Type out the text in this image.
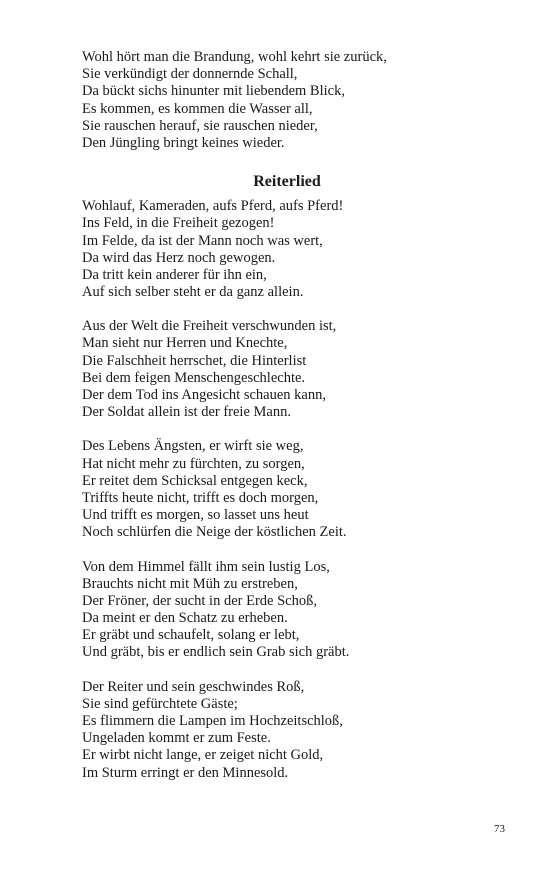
Wohl hört man die Brandung, wohl kehrt sie zurück,
Sie verkündigt der donnernde Schall,
Da bückt sichs hinunter mit liebendem Blick,
Es kommen, es kommen die Wasser all,
Sie rauschen herauf, sie rauschen nieder,
Den Jüngling bringt keines wieder.
Reiterlied
Wohlauf, Kameraden, aufs Pferd, aufs Pferd!
Ins Feld, in die Freiheit gezogen!
Im Felde, da ist der Mann noch was wert,
Da wird das Herz noch gewogen.
Da tritt kein anderer für ihn ein,
Auf sich selber steht er da ganz allein.
Aus der Welt die Freiheit verschwunden ist,
Man sieht nur Herren und Knechte,
Die Falschheit herrschet, die Hinterlist
Bei dem feigen Menschengeschlechte.
Der dem Tod ins Angesicht schauen kann,
Der Soldat allein ist der freie Mann.
Des Lebens Ängsten, er wirft sie weg,
Hat nicht mehr zu fürchten, zu sorgen,
Er reitet dem Schicksal entgegen keck,
Triffts heute nicht, trifft es doch morgen,
Und trifft es morgen, so lasset uns heut
Noch schlürfen die Neige der köstlichen Zeit.
Von dem Himmel fällt ihm sein lustig Los,
Brauchts nicht mit Müh zu erstreben,
Der Fröner, der sucht in der Erde Schoß,
Da meint er den Schatz zu erheben.
Er gräbt und schaufelt, solang er lebt,
Und gräbt, bis er endlich sein Grab sich gräbt.
Der Reiter und sein geschwindes Roß,
Sie sind gefürchtete Gäste;
Es flimmern die Lampen im Hochzeitschloß,
Ungeladen kommt er zum Feste.
Er wirbt nicht lange, er zeiget nicht Gold,
Im Sturm erringt er den Minnesold.
73
